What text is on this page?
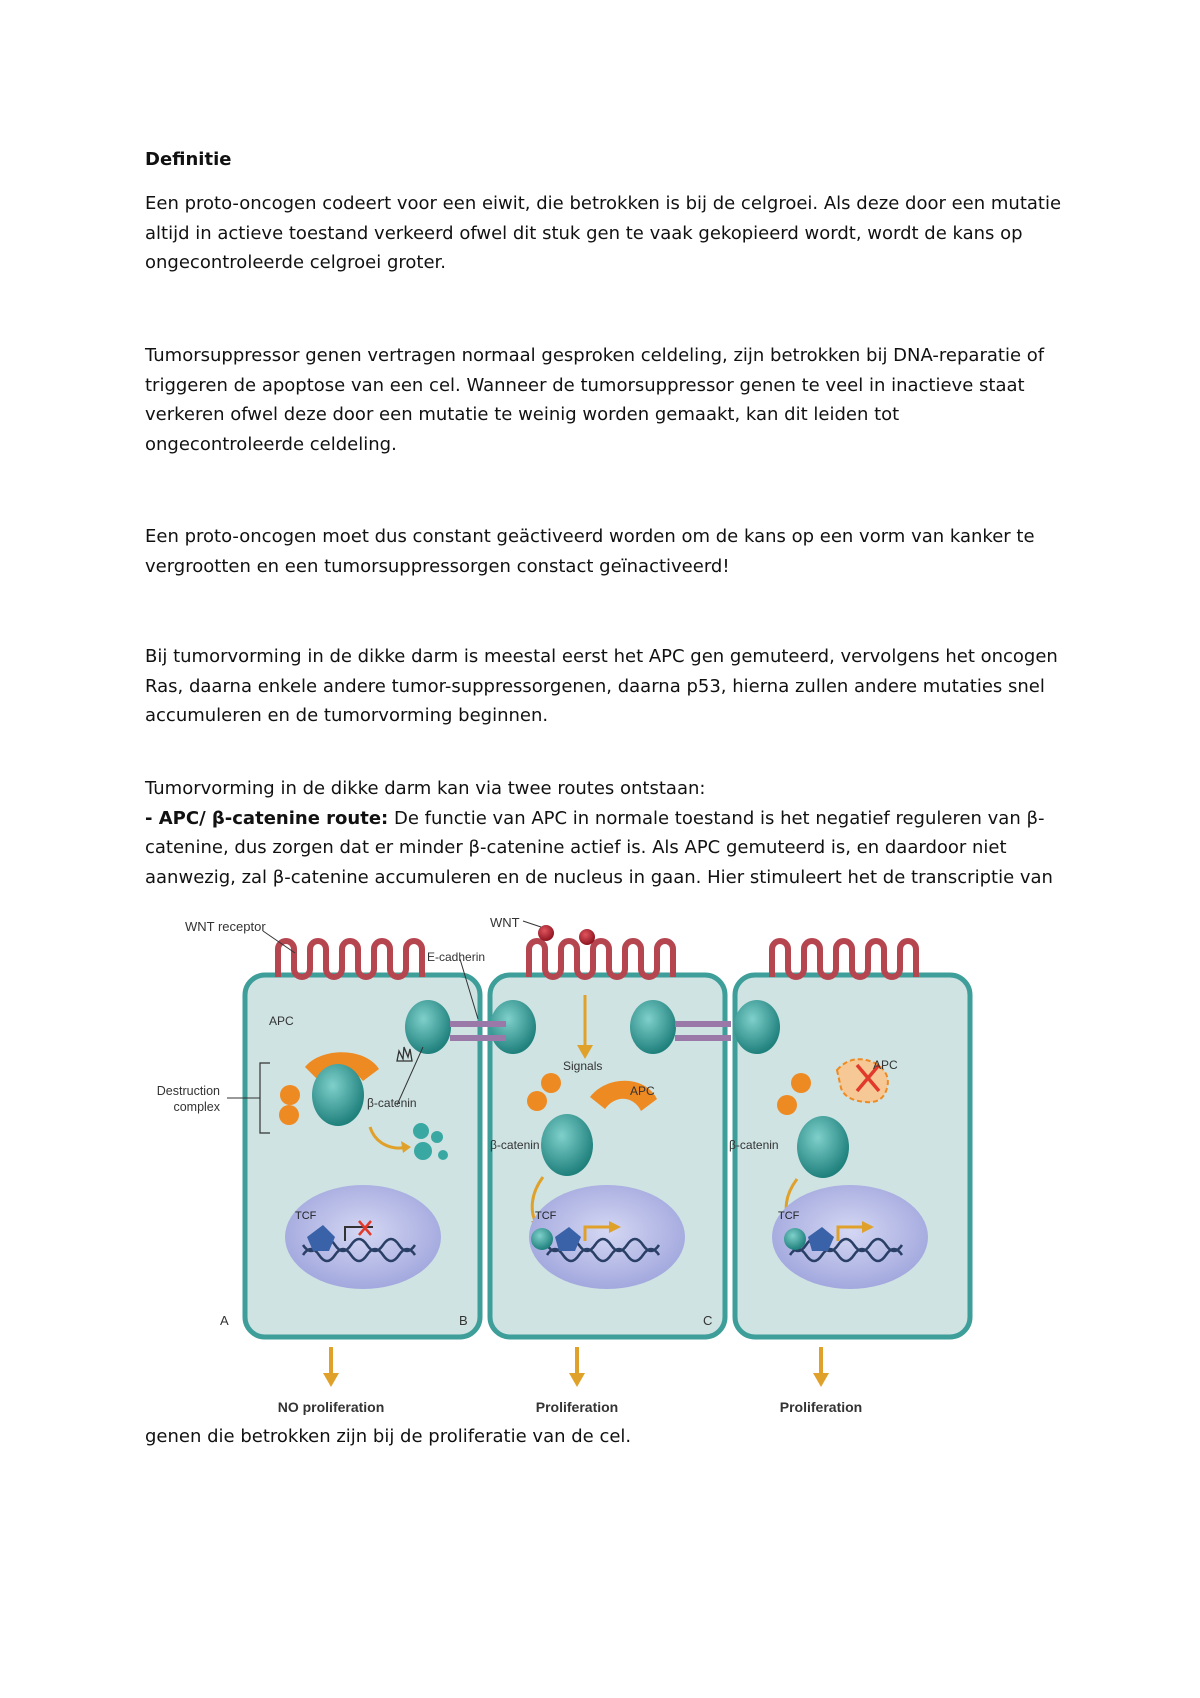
Definitie

Een proto-oncogen codeert voor een eiwit, die betrokken is bij de celgroei. Als deze door een mutatie
altijd in actieve toestand verkeerd ofwel dit stuk gen te vaak gekopieerd wordt, wordt de kans op
ongecontroleerde celgroei groter.
Tumorsuppressor genen vertragen normaal gesproken celdeling, zijn betrokken bij DNA-reparatie of
triggeren de apoptose van een cel. Wanneer de tumorsuppressor genen te veel in inactieve staat
verkeren ofwel deze door een mutatie te weinig worden gemaakt, kan dit leiden tot
ongecontroleerde celdeling.
Een proto-oncogen moet dus constant geäctiveerd worden om de kans op een vorm van kanker te
vergrootten en een tumorsuppressorgen constact geïnactiveerd!
Bij tumorvorming in de dikke darm is meestal eerst het APC gen gemuteerd, vervolgens het oncogen
Ras, daarna enkele andere tumor-suppressorgenen, daarna p53, hierna zullen andere mutaties snel
accumuleren en de tumorvorming beginnen.
Tumorvorming in de dikke darm kan via twee routes ontstaan:
- APC/ β-catenine route: De functie van APC in normale toestand is het negatief reguleren van β-
catenine, dus zorgen dat er minder β-catenine actief is. Als APC gemuteerd is, en daardoor niet
aanwezig, zal β-catenine accumuleren en de nucleus in gaan. Hier stimuleert het de transcriptie van
WNT receptor	WNT
E-cadherin
APC
Destruction
complex	β-catenin
Signals
APC
β-catenin
APC
β-catenin
TCF	TCF	TCF
A	B	C
NO proliferation	Proliferation	Proliferation

genen die betrokken zijn bij de proliferatie van de cel.
